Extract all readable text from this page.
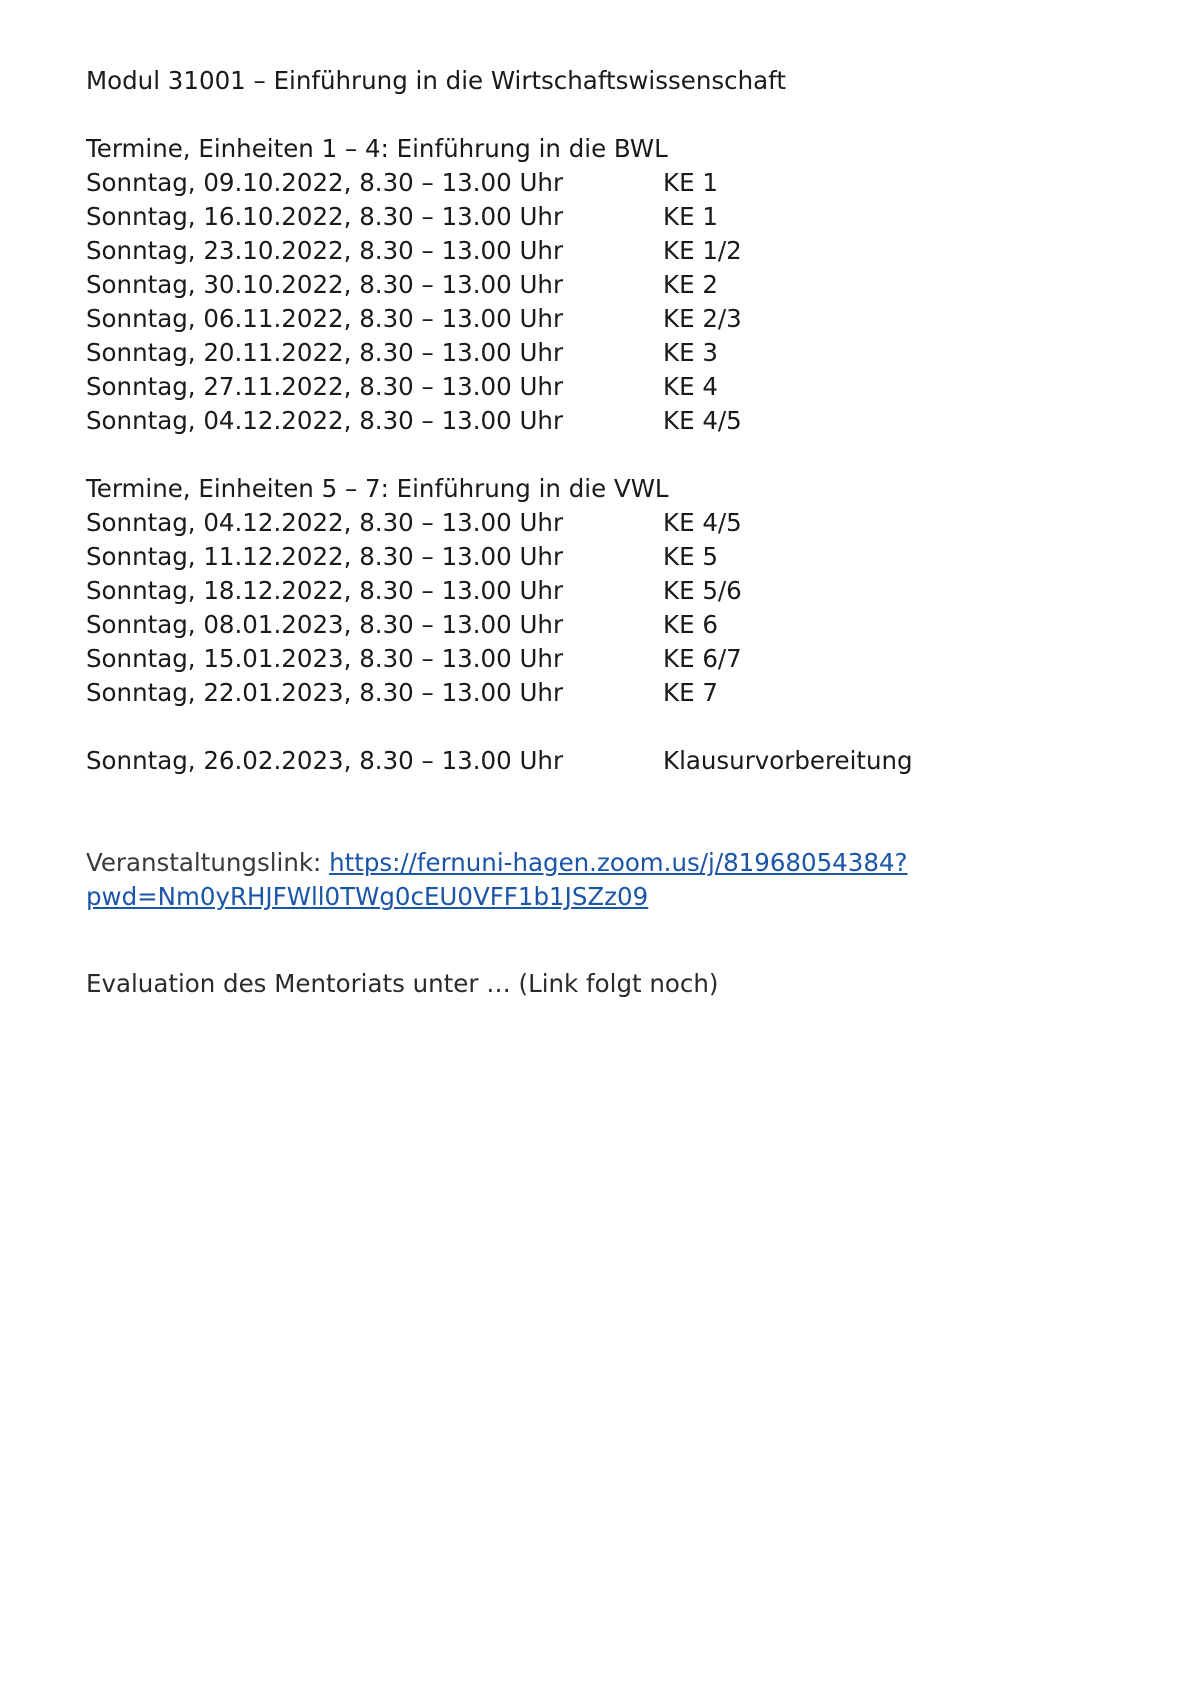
Modul 31001 – Einführung in die Wirtschaftswissenschaft
Termine, Einheiten 1 – 4: Einführung in die BWL
Sonntag, 09.10.2022, 8.30 – 13.00 Uhr	KE 1
Sonntag, 16.10.2022, 8.30 – 13.00 Uhr	KE 1
Sonntag, 23.10.2022, 8.30 – 13.00 Uhr	KE 1/2
Sonntag, 30.10.2022, 8.30 – 13.00 Uhr	KE 2
Sonntag, 06.11.2022, 8.30 – 13.00 Uhr	KE 2/3
Sonntag, 20.11.2022, 8.30 – 13.00 Uhr	KE 3
Sonntag, 27.11.2022, 8.30 – 13.00 Uhr	KE 4
Sonntag, 04.12.2022, 8.30 – 13.00 Uhr	KE 4/5
Termine, Einheiten 5 – 7: Einführung in die VWL
Sonntag, 04.12.2022, 8.30 – 13.00 Uhr	KE 4/5
Sonntag, 11.12.2022, 8.30 – 13.00 Uhr	KE 5
Sonntag, 18.12.2022, 8.30 – 13.00 Uhr	KE 5/6
Sonntag, 08.01.2023, 8.30 – 13.00 Uhr	KE 6
Sonntag, 15.01.2023, 8.30 – 13.00 Uhr	KE 6/7
Sonntag, 22.01.2023, 8.30 – 13.00 Uhr	KE 7
Sonntag, 26.02.2023, 8.30 – 13.00 Uhr	Klausurvorbereitung
Veranstaltungslink: https://fernuni-hagen.zoom.us/j/81968054384?
pwd=Nm0yRHJFWll0TWg0cEU0VFF1b1JSZz09
Evaluation des Mentoriats unter … (Link folgt noch)
